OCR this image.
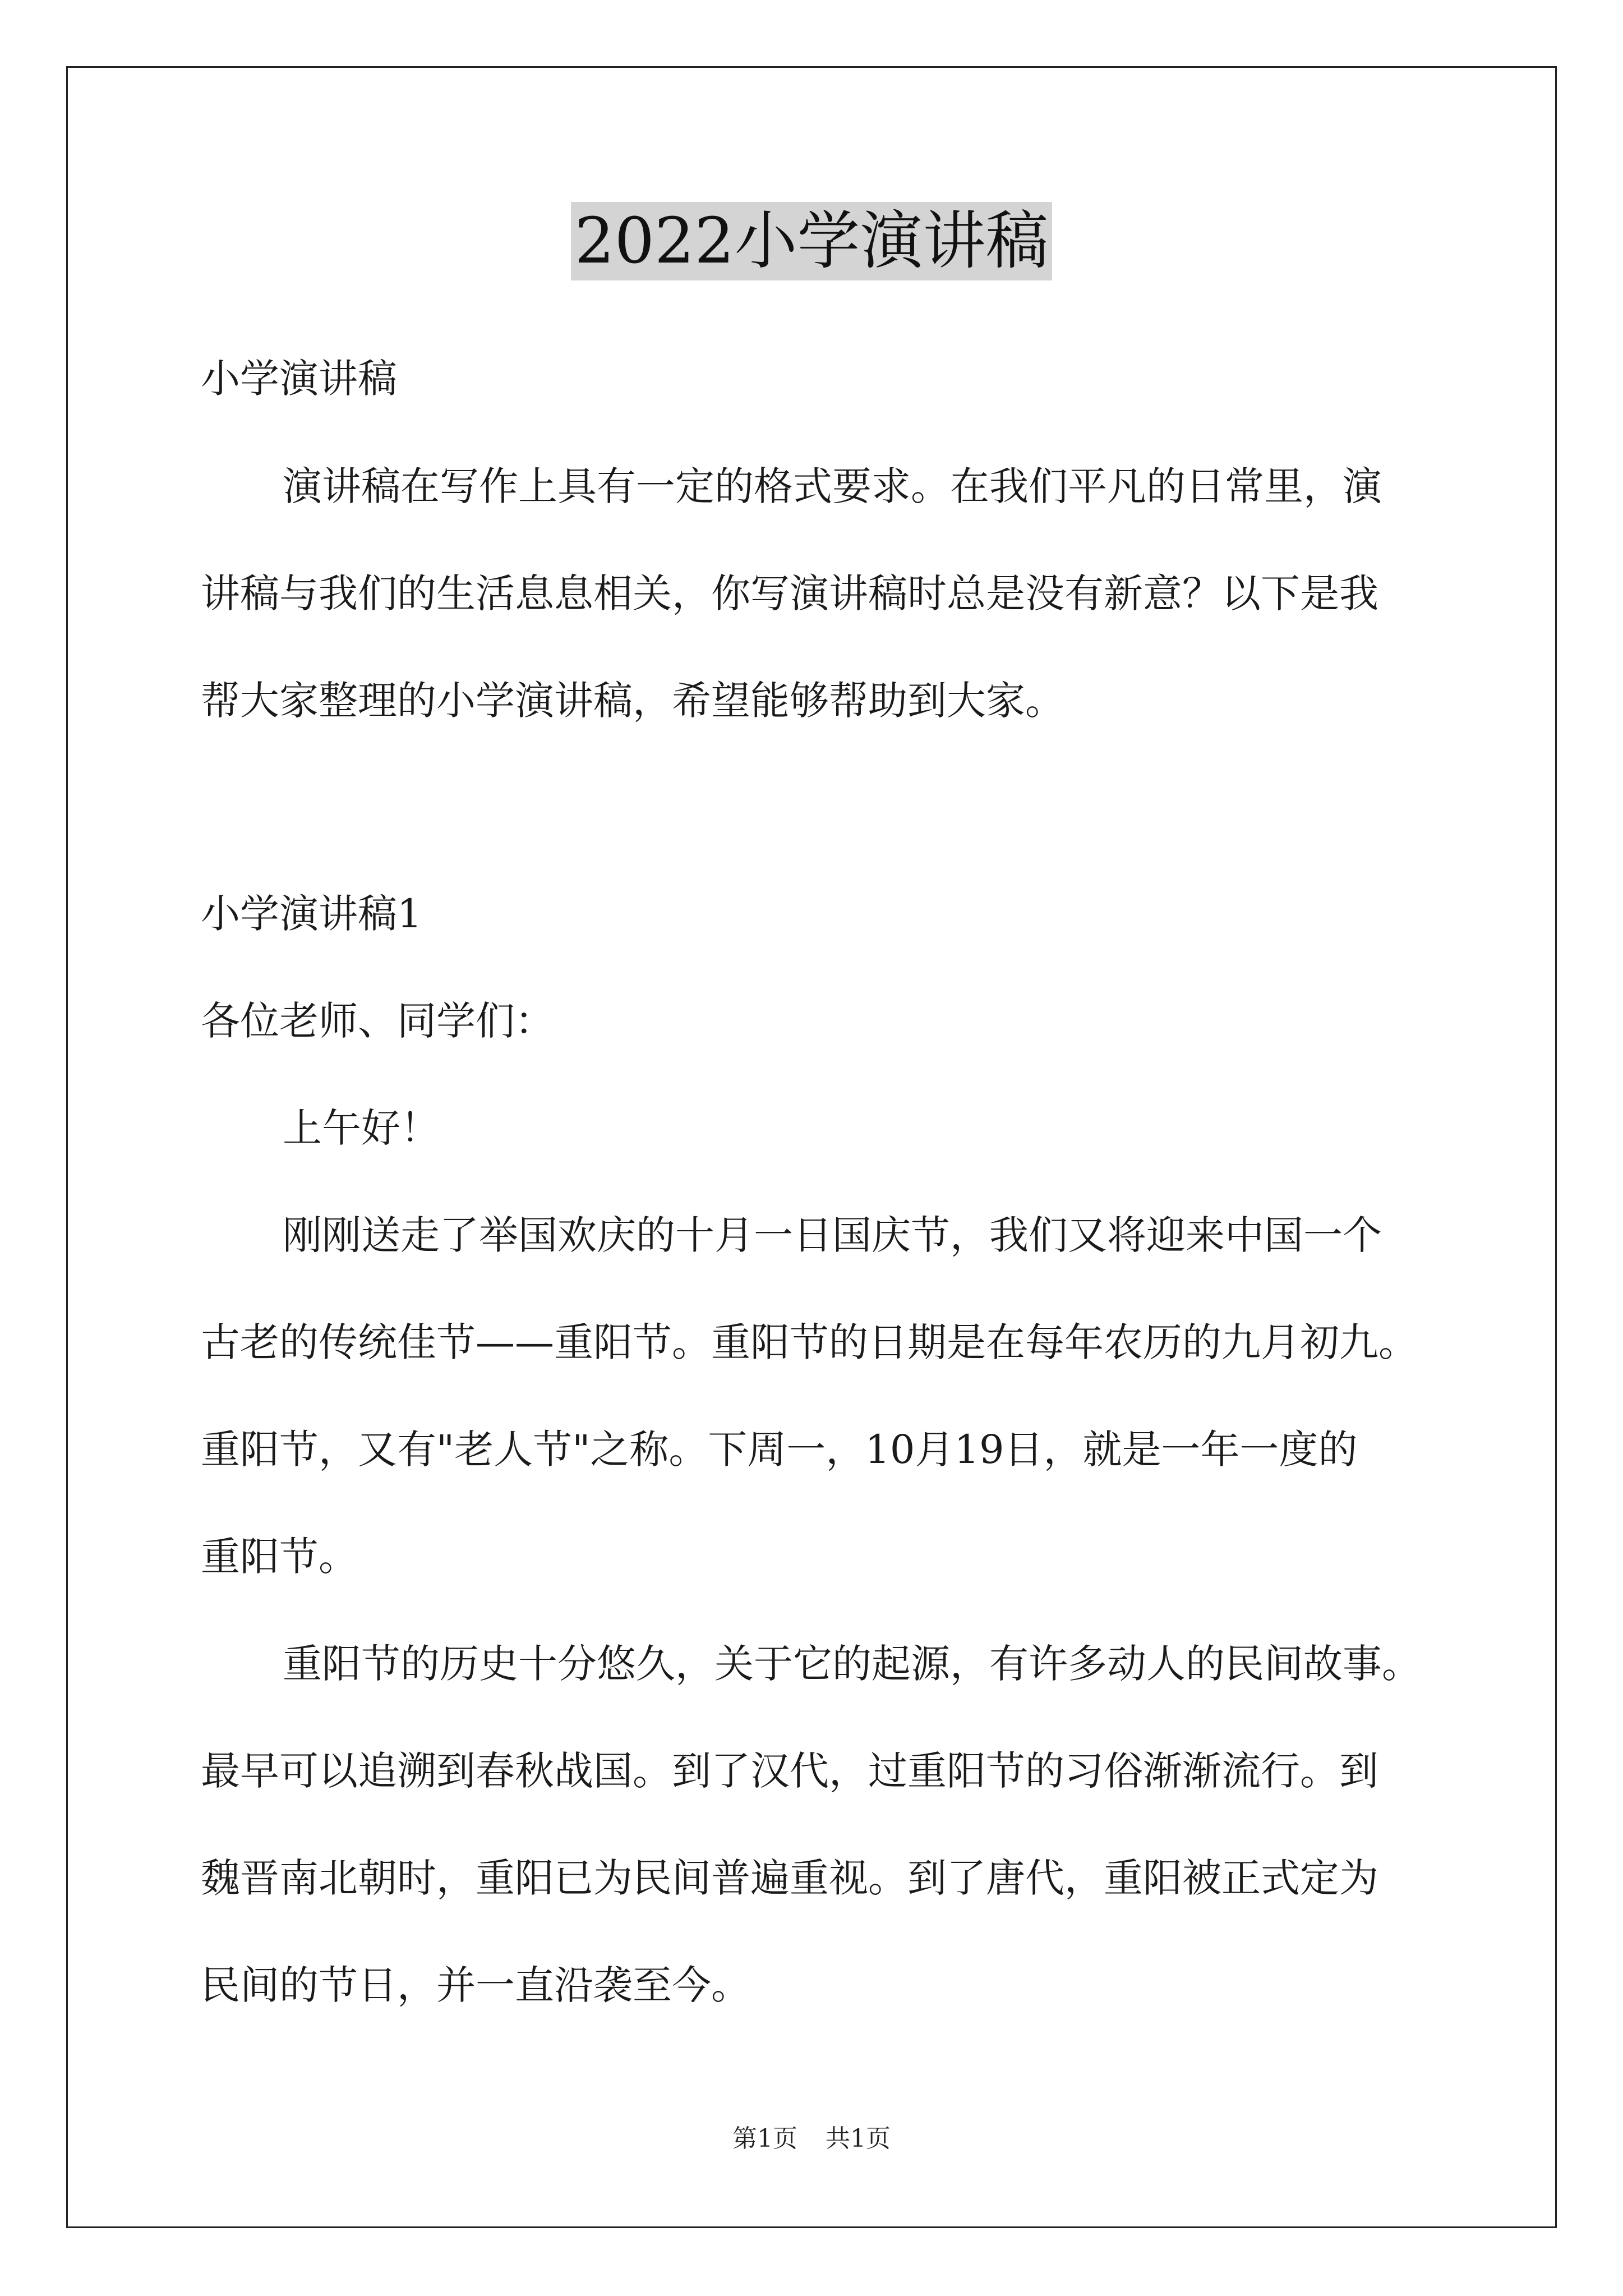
2022小学演讲稿
小学演讲稿
演讲稿在写作上具有一定的格式要求。在我们平凡的日常里，演
讲稿与我们的生活息息相关，你写演讲稿时总是没有新意？以下是我
帮大家整理的小学演讲稿，希望能够帮助到大家。
小学演讲稿1
各位老师、同学们：
上午好！
刚刚送走了举国欢庆的十月一日国庆节，我们又将迎来中国一个
古老的传统佳节——重阳节。重阳节的日期是在每年农历的九月初九。
重阳节，又有"老人节"之称。下周一，10月19日，就是一年一度的
重阳节。
重阳节的历史十分悠久，关于它的起源，有许多动人的民间故事。
最早可以追溯到春秋战国。到了汉代，过重阳节的习俗渐渐流行。到
魏晋南北朝时，重阳已为民间普遍重视。到了唐代，重阳被正式定为
民间的节日，并一直沿袭至今。
第1页 共1页
